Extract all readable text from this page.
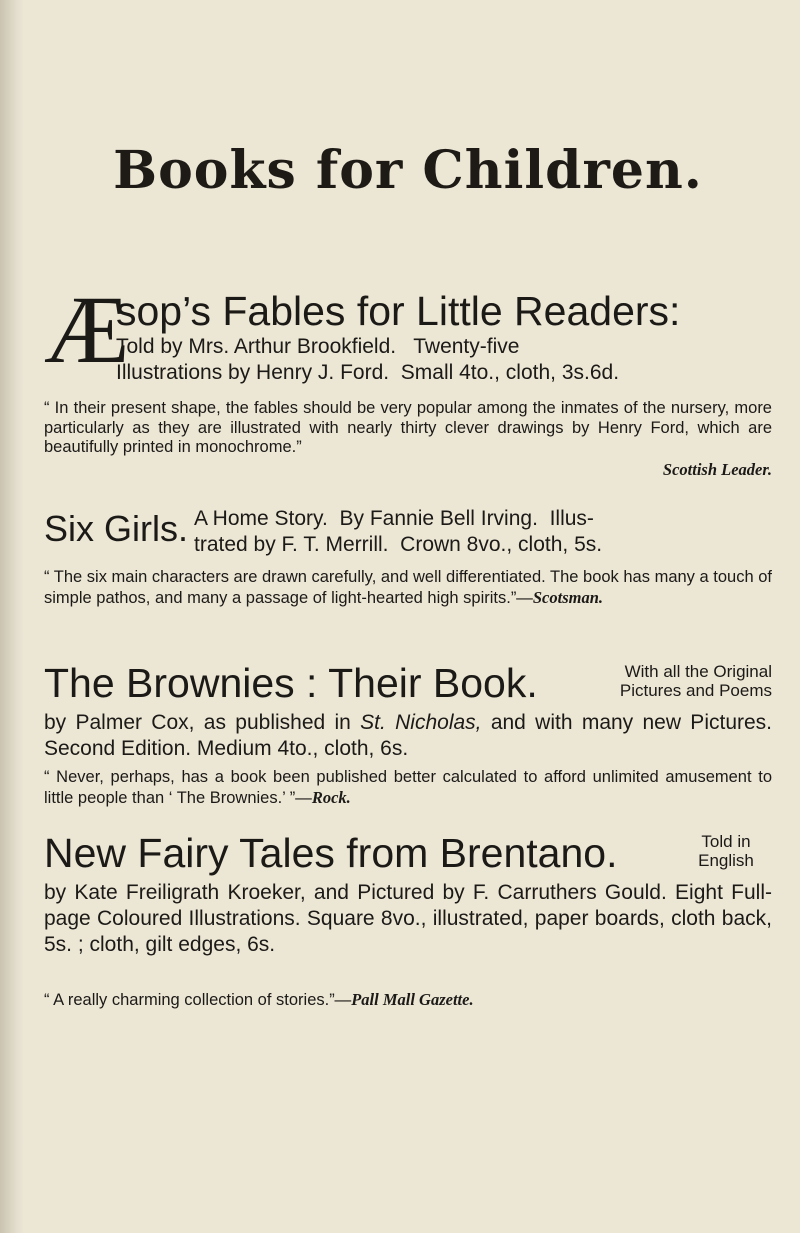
Books for Children.
Æ
sop’s Fables for Little Readers:
Told by Mrs. Arthur Brookfield.   Twenty-five
Illustrations by Henry J. Ford.  Small 4to., cloth, 3s.6d.
“ In their present shape, the fables should be very popular among the inmates of the nursery, more particularly as they are illustrated with nearly thirty clever drawings by Henry Ford, which are beautifully printed in monochrome.”
Scottish Leader.
Six Girls. A Home Story.  By Fannie Bell Irving.  Illus-
trated by F. T. Merrill.  Crown 8vo., cloth, 5s.
“ The six main characters are drawn carefully, and well differentiated. The book has many a touch of simple pathos, and many a passage of light-hearted high spirits.”—Scotsman.
The Brownies : Their Book.	With all the Original
Pictures and Poems
by Palmer Cox, as published in St. Nicholas, and with many new Pictures. Second Edition. Medium 4to., cloth, 6s.
“ Never, perhaps, has a book been published better calculated to afford unlimited amusement to little people than ‘ The Brownies.’ ”—Rock.
New Fairy Tales from Brentano.	Told in
English
by Kate Freiligrath Kroeker, and Pictured by F. Carruthers Gould. Eight Full-page Coloured Illustrations. Square 8vo., illustrated, paper boards, cloth back, 5s. ; cloth, gilt edges, 6s.
“ A really charming collection of stories.”—Pall Mall Gazette.
